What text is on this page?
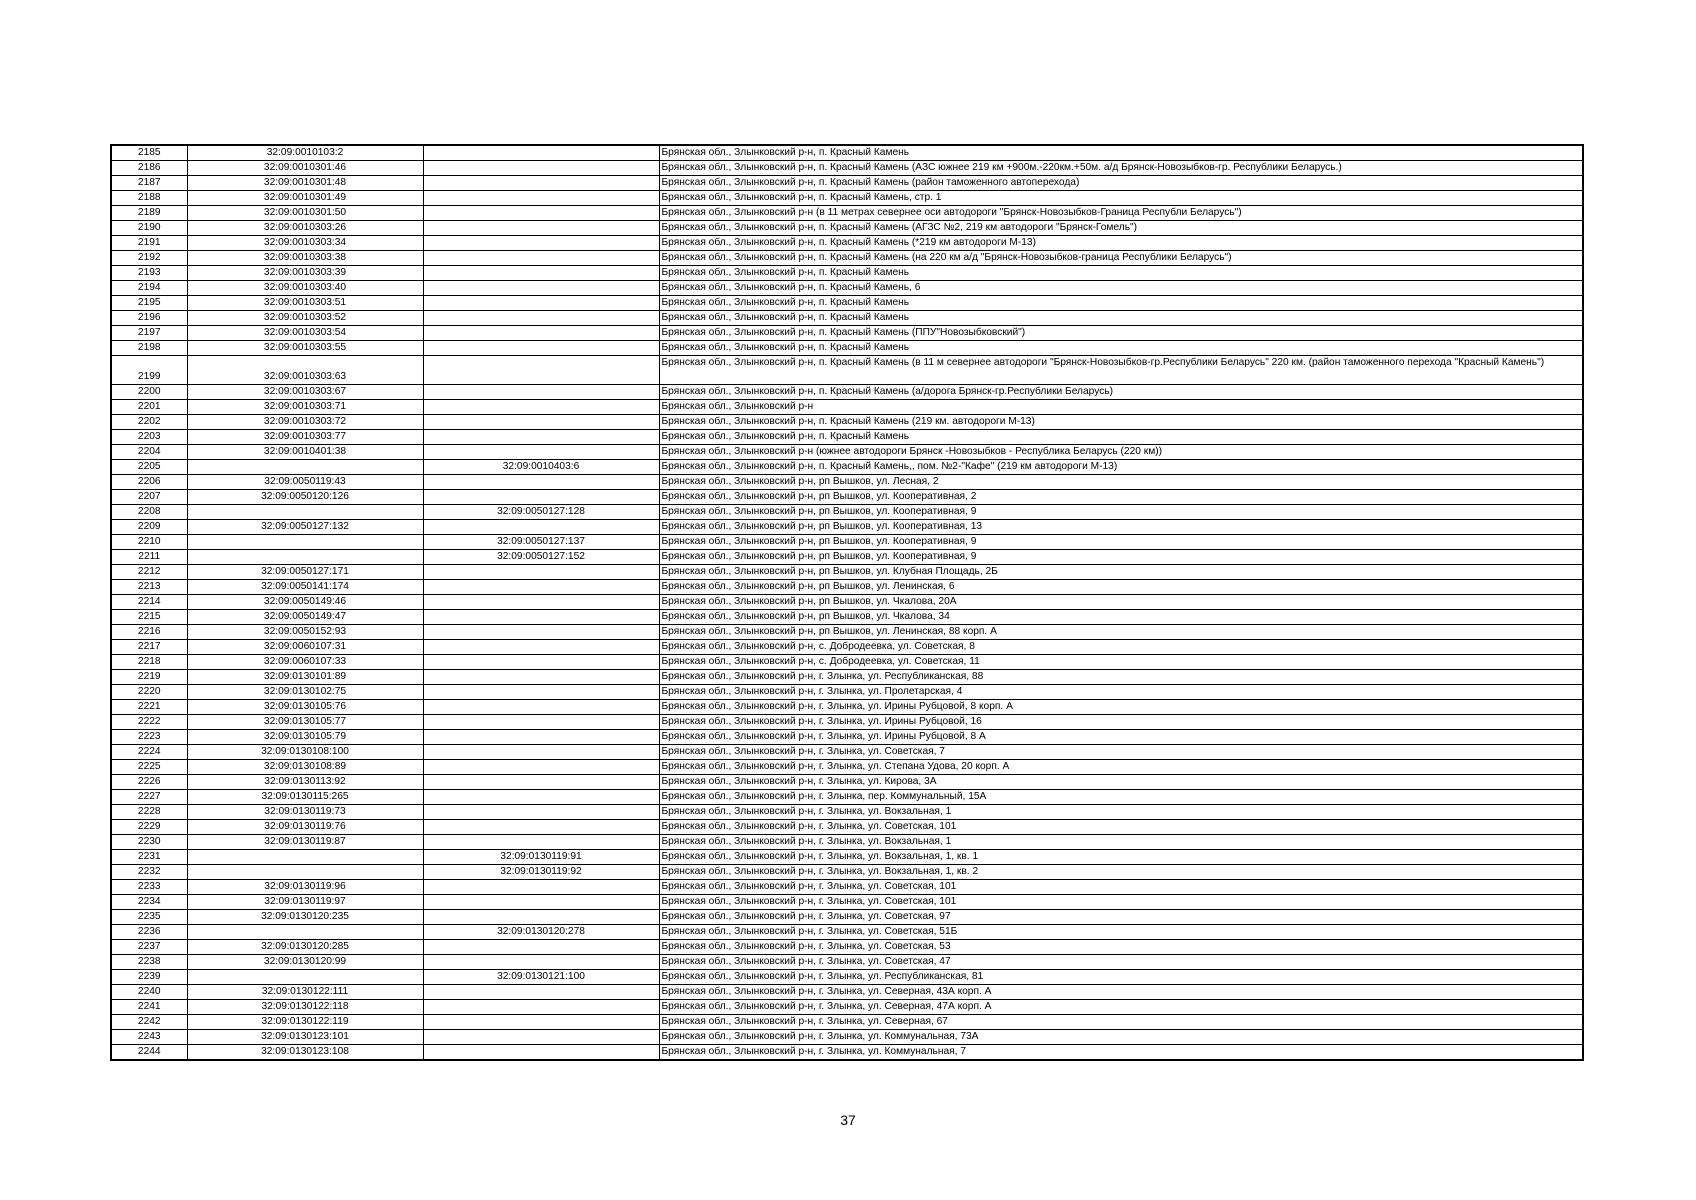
2185	32:09:0010103:2		Брянская обл., Злынковский р-н, п. Красный Камень
2186	32:09:0010301:46		Брянская обл., Злынковский р-н, п. Красный Камень (АЗС южнее 219 км +900м.-220км.+50м. а/д Брянск-Новозыбков-гр. Республики Беларусь.)
2187	32:09:0010301:48		Брянская обл., Злынковский р-н, п. Красный Камень (район таможенного автоперехода)
2188	32:09:0010301:49		Брянская обл., Злынковский р-н, п. Красный Камень, стр. 1
2189	32:09:0010301:50		Брянская обл., Злынковский р-н (в 11 метрах севернее оси автодороги "Брянск-Новозыбков-Граница Республи Беларусь")
2190	32:09:0010303:26		Брянская обл., Злынковский р-н, п. Красный Камень (АГЗС №2, 219 км автодороги "Брянск-Гомель")
2191	32:09:0010303:34		Брянская обл., Злынковский р-н, п. Красный Камень (*219 км автодороги М-13)
2192	32:09:0010303:38		Брянская обл., Злынковский р-н, п. Красный Камень (на 220 км а/д "Брянск-Новозыбков-граница Республики Беларусь")
2193	32:09:0010303:39		Брянская обл., Злынковский р-н, п. Красный Камень
2194	32:09:0010303:40		Брянская обл., Злынковский р-н, п. Красный Камень, 6
2195	32:09:0010303:51		Брянская обл., Злынковский р-н, п. Красный Камень
2196	32:09:0010303:52		Брянская обл., Злынковский р-н, п. Красный Камень
2197	32:09:0010303:54		Брянская обл., Злынковский р-н, п. Красный Камень (ППУ"Новозыбковский")
2198	32:09:0010303:55		Брянская обл., Злынковский р-н, п. Красный Камень
2199	32:09:0010303:63		Брянская обл., Злынковский р-н, п. Красный Камень (в 11 м севернее автодороги "Брянск-Новозыбков-гр.Республики Беларусь" 220 км. (район таможенного перехода "Красный Камень")
2200	32:09:0010303:67		Брянская обл., Злынковский р-н, п. Красный Камень (а/дорога Брянск-гр.Республики Беларусь)
2201	32:09:0010303:71		Брянская обл., Злынковский р-н
2202	32:09:0010303:72		Брянская обл., Злынковский р-н, п. Красный Камень (219 км. автодороги М-13)
2203	32:09:0010303:77		Брянская обл., Злынковский р-н, п. Красный Камень
2204	32:09:0010401:38		Брянская обл., Злынковский р-н (южнее автодороги Брянск -Новозыбков - Республика Беларусь (220 км))
2205		32:09:0010403:6	Брянская обл., Злынковский р-н, п. Красный Камень,, пом. №2-"Кафе" (219 км автодороги М-13)
2206	32:09:0050119:43		Брянская обл., Злынковский р-н, рп Вышков, ул. Лесная, 2
2207	32:09:0050120:126		Брянская обл., Злынковский р-н, рп Вышков, ул. Кооперативная, 2
2208		32:09:0050127:128	Брянская обл., Злынковский р-н, рп Вышков, ул. Кооперативная, 9
2209	32:09:0050127:132		Брянская обл., Злынковский р-н, рп Вышков, ул. Кооперативная, 13
2210		32:09:0050127:137	Брянская обл., Злынковский р-н, рп Вышков, ул. Кооперативная, 9
2211		32:09:0050127:152	Брянская обл., Злынковский р-н, рп Вышков, ул. Кооперативная, 9
2212	32:09:0050127:171		Брянская обл., Злынковский р-н, рп Вышков, ул. Клубная Площадь, 2Б
2213	32:09:0050141:174		Брянская обл., Злынковский р-н, рп Вышков, ул. Ленинская, 6
2214	32:09:0050149:46		Брянская обл., Злынковский р-н, рп Вышков, ул. Чкалова, 20А
2215	32:09:0050149:47		Брянская обл., Злынковский р-н, рп Вышков, ул. Чкалова, 34
2216	32:09:0050152:93		Брянская обл., Злынковский р-н, рп Вышков, ул. Ленинская, 88 корп. А
2217	32:09:0060107:31		Брянская обл., Злынковский р-н, с. Добродеевка, ул. Советская, 8
2218	32:09:0060107:33		Брянская обл., Злынковский р-н, с. Добродеевка, ул. Советская, 11
2219	32:09:0130101:89		Брянская обл., Злынковский р-н, г. Злынка, ул. Республиканская, 88
2220	32:09:0130102:75		Брянская обл., Злынковский р-н, г. Злынка, ул. Пролетарская, 4
2221	32:09:0130105:76		Брянская обл., Злынковский р-н, г. Злынка, ул. Ирины Рубцовой, 8 корп. А
2222	32:09:0130105:77		Брянская обл., Злынковский р-н, г. Злынка, ул. Ирины Рубцовой, 16
2223	32:09:0130105:79		Брянская обл., Злынковский р-н, г. Злынка, ул. Ирины Рубцовой, 8 А
2224	32:09:0130108:100		Брянская обл., Злынковский р-н, г. Злынка, ул. Советская, 7
2225	32:09:0130108:89		Брянская обл., Злынковский р-н, г. Злынка, ул. Степана Удова, 20 корп. А
2226	32:09:0130113:92		Брянская обл., Злынковский р-н, г. Злынка, ул. Кирова, 3А
2227	32:09:0130115:265		Брянская обл., Злынковский р-н, г. Злынка, пер. Коммунальный, 15А
2228	32:09:0130119:73		Брянская обл., Злынковский р-н, г. Злынка, ул. Вокзальная, 1
2229	32:09:0130119:76		Брянская обл., Злынковский р-н, г. Злынка, ул. Советская, 101
2230	32:09:0130119:87		Брянская обл., Злынковский р-н, г. Злынка, ул. Вокзальная, 1
2231		32:09:0130119:91	Брянская обл., Злынковский р-н, г. Злынка, ул. Вокзальная, 1, кв. 1
2232		32:09:0130119:92	Брянская обл., Злынковский р-н, г. Злынка, ул. Вокзальная, 1, кв. 2
2233	32:09:0130119:96		Брянская обл., Злынковский р-н, г. Злынка, ул. Советская, 101
2234	32:09:0130119:97		Брянская обл., Злынковский р-н, г. Злынка, ул. Советская, 101
2235	32:09:0130120:235		Брянская обл., Злынковский р-н, г. Злынка, ул. Советская, 97
2236		32:09:0130120:278	Брянская обл., Злынковский р-н, г. Злынка, ул. Советская, 51Б
2237	32:09:0130120:285		Брянская обл., Злынковский р-н, г. Злынка, ул. Советская, 53
2238	32:09:0130120:99		Брянская обл., Злынковский р-н, г. Злынка, ул. Советская, 47
2239		32:09:0130121:100	Брянская обл., Злынковский р-н, г. Злынка, ул. Республиканская, 81
2240	32:09:0130122:111		Брянская обл., Злынковский р-н, г. Злынка, ул. Северная, 43А корп. А
2241	32:09:0130122:118		Брянская обл., Злынковский р-н, г. Злынка, ул. Северная, 47А корп. А
2242	32:09:0130122:119		Брянская обл., Злынковский р-н, г. Злынка, ул. Северная, 67
2243	32:09:0130123:101		Брянская обл., Злынковский р-н, г. Злынка, ул. Коммунальная, 73А
2244	32:09:0130123:108		Брянская обл., Злынковский р-н, г. Злынка, ул. Коммунальная, 7
37
